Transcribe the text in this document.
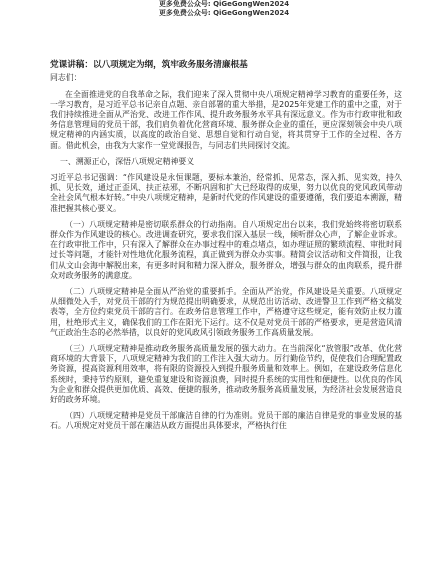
更多免费公众号: QiGeGongWen2024
更多免费公众号: QiGeGongWen2024
党课讲稿：以八项规定为纲，筑牢政务服务清廉根基
同志们：

在全面推进党的自我革命之际，我们迎来了深入贯彻中央八项规定精神学习教育的重要任务，这一学习教育，是习近平总书记亲自点题、亲自部署的重大举措，是2025年党建工作的重中之重，对于我们持续推进全面从严治党、改进工作作风、提升政务服务水平具有深远意义。作为市行政审批和政务信息管理局的党员干部，我们肩负着优化营商环境、服务群众企业的重任，更应深刻领会中央八项规定精神的内涵实质，以高度的政治自觉、思想自觉和行动自觉，将其贯穿于工作的全过程、各方面。借此机会，由我为大家作一堂党课报告，与同志们共同探讨交流。

一、溯源正心，深悟八项规定精神要义

习近平总书记强调：“作风建设是永恒课题，要标本兼治，经常抓、见常态，深入抓、见实效，持久抓、见长效，通过正歪风、扶正祛邪，不断巩固和扩大已经取得的成果，努力以优良的党风政风带动全社会风气根本好转。”中央八项规定精神，是新时代党的作风建设的重要遵循，我们要追本溯源，精准把握其核心要义。

（一）八项规定精神是密切联系群众的行动指南。自八项规定出台以来，我们党始终将密切联系群众作为作风建设的核心。改进调查研究，要求我们深入基层一线，倾听群众心声，了解企业诉求。在行政审批工作中，只有深入了解群众在办事过程中的难点堵点，如办理证照的繁琐流程、审批时间过长等问题，才能针对性地优化服务流程，真正做到为群众办实事。精简会议活动和文件简报，让我们从文山会海中解脱出来，有更多时间和精力深入群众，服务群众，增强与群众的血肉联系，提升群众对政务服务的满意度。

（二）八项规定精神是全面从严治党的重要抓手。全面从严治党，作风建设是关重要。八项规定从细微处入手，对党员干部的行为规范提出明确要求，从规范出访活动、改进警卫工作到严格文稿发表等，全方位约束党员干部的言行。在政务信息管理工作中，严格遵守这些规定，能有效防止权力滥用，杜绝形式主义，确保我们的工作在阳光下运行。这不仅是对党员干部的严格要求，更是营造风清气正政治生态的必然举措，以良好的党风政风引领政务服务工作高质量发展。

（三）八项规定精神是推动政务服务高质量发展的强大动力。在当前深化“放管服”改革、优化营商环境的大背景下，八项规定精神为我们的工作注入强大动力。厉行勤俭节约，促使我们合理配置政务资源，提高资源利用效率，将有限的资源投入到提升服务质量和效率上。例如，在建设政务信息化系统时，秉持节约原则，避免重复建设和资源浪费，同时提升系统的实用性和便捷性。以优良的作风为企业和群众提供更加优质、高效、便捷的服务，推动政务服务高质量发展，为经济社会发展营造良好的政务环境。

（四）八项规定精神是党员干部廉洁自律的行为准则。党员干部的廉洁自律是党的事业发展的基石。八项规定对党员干部在廉洁从政方面提出具体要求，严格执行住
